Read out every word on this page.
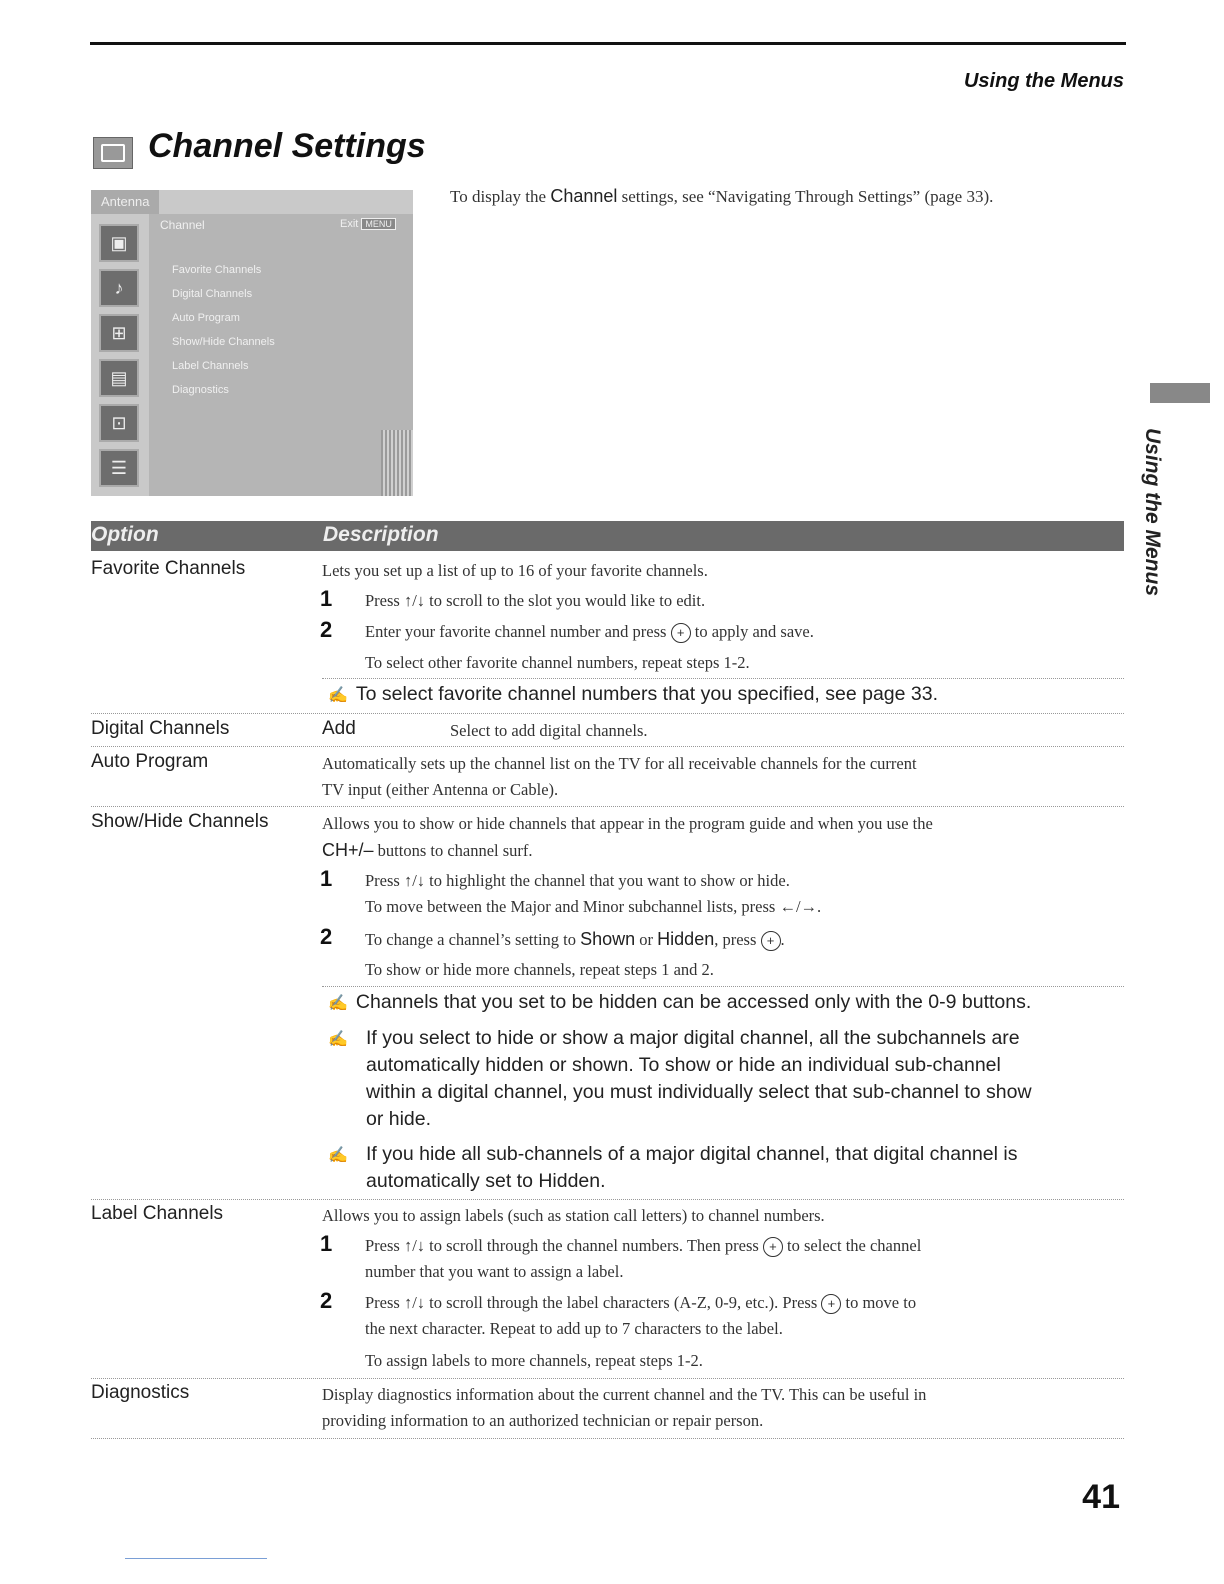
Using the Menus
Channel Settings
To display the Channel settings, see “Navigating Through Settings” (page 33).
Antenna
▣
♪
⊞
▤
⊡
☰
Channel	Exit MENU
Favorite Channels
Digital Channels
Auto Program
Show/Hide Channels
Label Channels
Diagnostics
Option	Description
Favorite Channels	Lets you set up a list of up to 16 of your favorite channels.
1 Press ↑/↓ to scroll to the slot you would like to edit.
2 Enter your favorite channel number and press + to apply and save.
To select other favorite channel numbers, repeat steps 1-2.
✍ To select favorite channel numbers that you specified, see page 33.
Digital Channels	Add	Select to add digital channels.
Auto Program	Automatically sets up the channel list on the TV for all receivable channels for the current
TV input (either Antenna or Cable).
Show/Hide Channels	Allows you to show or hide channels that appear in the program guide and when you use the
CH+/– buttons to channel surf.
1 Press ↑/↓ to highlight the channel that you want to show or hide.
To move between the Major and Minor subchannel lists, press ←/→.
2 To change a channel’s setting to Shown or Hidden, press + .
To show or hide more channels, repeat steps 1 and 2.
✍ Channels that you set to be hidden can be accessed only with the 0-9 buttons.
✍ If you select to hide or show a major digital channel, all the subchannels are
automatically hidden or shown. To show or hide an individual sub-channel
within a digital channel, you must individually select that sub-channel to show
or hide.
✍ If you hide all sub-channels of a major digital channel, that digital channel is
automatically set to Hidden.
Label Channels	Allows you to assign labels (such as station call letters) to channel numbers.
1 Press ↑/↓ to scroll through the channel numbers. Then press + to select the channel
number that you want to assign a label.
2 Press ↑/↓ to scroll through the label characters (A-Z, 0-9, etc.). Press + to move to
the next character. Repeat to add up to 7 characters to the label.
To assign labels to more channels, repeat steps 1-2.
Diagnostics	Display diagnostics information about the current channel and the TV. This can be useful in
providing information to an authorized technician or repair person.
Using the Menus
41
